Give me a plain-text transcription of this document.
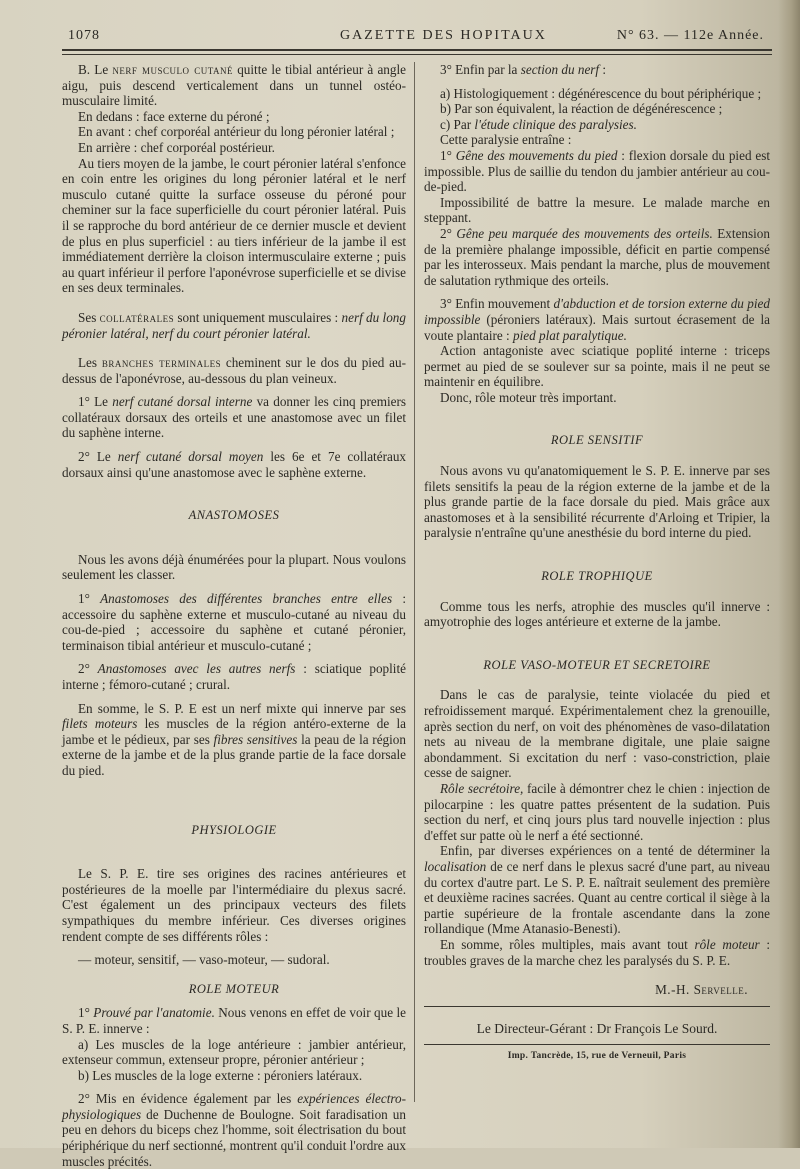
1078	GAZETTE DES HOPITAUX	N° 63. — 112e Année.

B. Le nerf musculo cutané quitte le tibial antérieur à angle aigu, puis descend verticalement dans un tunnel ostéo-musculaire limité.

En dedans : face externe du péroné ;

En avant : chef corporéal antérieur du long péronier latéral ;

En arrière : chef corporéal postérieur.

Au tiers moyen de la jambe, le court péronier latéral s'enfonce en coin entre les origines du long péronier latéral et le nerf musculo cutané quitte la surface osseuse du péroné pour cheminer sur la face superficielle du court péronier latéral. Puis il se rapproche du bord antérieur de ce dernier muscle et devient de plus en plus superficiel : au tiers inférieur de la jambe il est immédiatement derrière la cloison intermusculaire externe ; puis au quart inférieur il perfore l'aponévrose superficielle et se divise en ses deux terminales.

Ses collatérales sont uniquement musculaires : nerf du long péronier latéral, nerf du court péronier latéral.

Les branches terminales cheminent sur le dos du pied au-dessus de l'aponévrose, au-dessous du plan veineux.

1° Le nerf cutané dorsal interne va donner les cinq premiers collatéraux dorsaux des orteils et une anastomose avec un filet du saphène interne.

2° Le nerf cutané dorsal moyen les 6e et 7e collatéraux dorsaux ainsi qu'une anastomose avec le saphène externe.

ANASTOMOSES

Nous les avons déjà énumérées pour la plupart. Nous voulons seulement les classer.

1° Anastomoses des différentes branches entre elles : accessoire du saphène externe et musculo-cutané au niveau du cou-de-pied ; accessoire du saphène et cutané péronier, terminaison tibial antérieur et musculo-cutané ;

2° Anastomoses avec les autres nerfs : sciatique poplité interne ; fémoro-cutané ; crural.

En somme, le S. P. E est un nerf mixte qui innerve par ses filets moteurs les muscles de la région antéro-externe de la jambe et le pédieux, par ses fibres sensitives la peau de la région externe de la jambe et de la plus grande partie de la face dorsale du pied.

PHYSIOLOGIE

Le S. P. E. tire ses origines des racines antérieures et postérieures de la moelle par l'intermédiaire du plexus sacré. C'est également un des principaux vecteurs des filets sympathiques du membre inférieur. Ces diverses origines rendent compte de ses différents rôles :

— moteur, sensitif, — vaso-moteur, — sudoral.

ROLE MOTEUR

1° Prouvé par l'anatomie. Nous venons en effet de voir que le S. P. E. innerve :

a) Les muscles de la loge antérieure : jambier antérieur, extenseur commun, extenseur propre, péronier antérieur ;

b) Les muscles de la loge externe : péroniers latéraux.

2° Mis en évidence également par les expériences électro-physiologiques de Duchenne de Boulogne. Soit faradisation un peu en dehors du biceps chez l'homme, soit électrisation du bout périphérique du nerf sectionné, montrent qu'il conduit l'ordre aux muscles précités.

3° Enfin par la section du nerf :

a) Histologiquement : dégénérescence du bout périphérique ;

b) Par son équivalent, la réaction de dégénérescence ;

c) Par l'étude clinique des paralysies.

Cette paralysie entraîne :

1° Gêne des mouvements du pied : flexion dorsale du pied est impossible. Plus de saillie du tendon du jambier antérieur au cou-de-pied.

Impossibilité de battre la mesure. Le malade marche en steppant.

2° Gêne peu marquée des mouvements des orteils. Extension de la première phalange impossible, déficit en partie compensé par les interosseux. Mais pendant la marche, plus de mouvement de salutation rythmique des orteils.

3° Enfin mouvement d'abduction et de torsion externe du pied impossible (péroniers latéraux). Mais surtout écrasement de la voute plantaire : pied plat paralytique.

Action antagoniste avec sciatique poplité interne : triceps permet au pied de se soulever sur sa pointe, mais il ne peut se maintenir en équilibre.

Donc, rôle moteur très important.

ROLE SENSITIF

Nous avons vu qu'anatomiquement le S. P. E. innerve par ses filets sensitifs la peau de la région externe de la jambe et de la plus grande partie de la face dorsale du pied. Mais grâce aux anastomoses et à la sensibilité récurrente d'Arloing et Tripier, la paralysie n'entraîne qu'une anesthésie du bord interne du pied.

ROLE TROPHIQUE

Comme tous les nerfs, atrophie des muscles qu'il innerve : amyotrophie des loges antérieure et externe de la jambe.

ROLE VASO-MOTEUR ET SECRETOIRE

Dans le cas de paralysie, teinte violacée du pied et refroidissement marqué. Expérimentalement chez la grenouille, après section du nerf, on voit des phénomènes de vaso-dilatation nets au niveau de la membrane digitale, une plaie saigne abondamment. Si excitation du nerf : vaso-constriction, plaie cesse de saigner.

Rôle secrétoire, facile à démontrer chez le chien : injection de pilocarpine : les quatre pattes présentent de la sudation. Puis section du nerf, et cinq jours plus tard nouvelle injection : plus d'effet sur patte où le nerf a été sectionné.

Enfin, par diverses expériences on a tenté de déterminer la localisation de ce nerf dans le plexus sacré d'une part, au niveau du cortex d'autre part. Le S. P. E. naîtrait seulement des première et deuxième racines sacrées. Quant au centre cortical il siège à la partie supérieure de la frontale ascendante dans la zone rollandique (Mme Atanasio-Benesti).

En somme, rôles multiples, mais avant tout rôle moteur : troubles graves de la marche chez les paralysés du S. P. E.

M.-H. Servelle.

Le Directeur-Gérant : Dr François Le Sourd.

Imp. Tancrède, 15, rue de Verneuil, Paris
